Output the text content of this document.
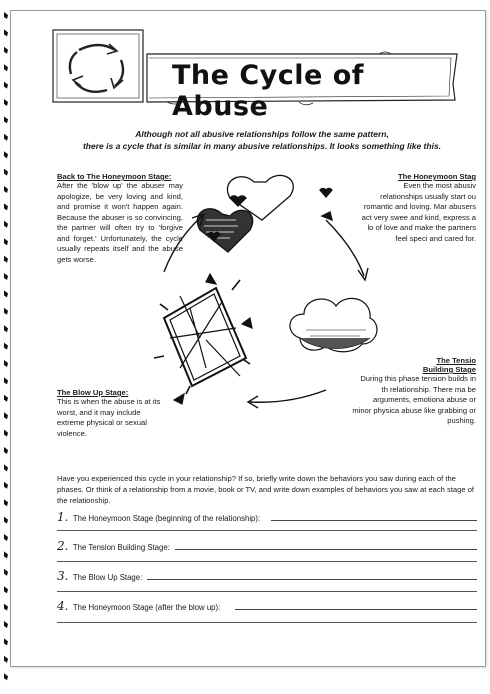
The Cycle of Abuse
Although not all abusive relationships follow the same pattern,
there is a cycle that is similar in many abusive relationships. It looks something like this.
Back to The Honeymoon Stage:
After the 'blow up' the abuser may apologize, be very loving and kind, and promise it won't happen again. Because the abuser is so convincing, the partner will often try to 'forgive and forget.' Unfortunately, the cycle usually repeats itself and the abuse gets worse.
The Honeymoon Stag
Even the most abusiv relationships usually start ou romantic and loving. Mar abusers act very swee and kind, express a lo of love and make the partners feel speci and cared for.
The Tensio
Building Stage
During this phase tension builds in th relationship. There ma be arguments, emotiona abuse or minor physica abuse like grabbing or pushing.
The Blow Up Stage:
This is when the abuse is at its worst, and it may include extreme physical or sexual violence.
Have you experienced this cycle in your relationship? If so, briefly write down the behaviors you saw during each of the phases. Or think of a relationship from a movie, book or TV, and write down examples of behaviors you saw at each stage of the relationship.
1. The Honeymoon Stage (beginning of the relationship):
2. The Tension Building Stage:
3. The Blow Up Stage:
4. The Honeymoon Stage (after the blow up):
